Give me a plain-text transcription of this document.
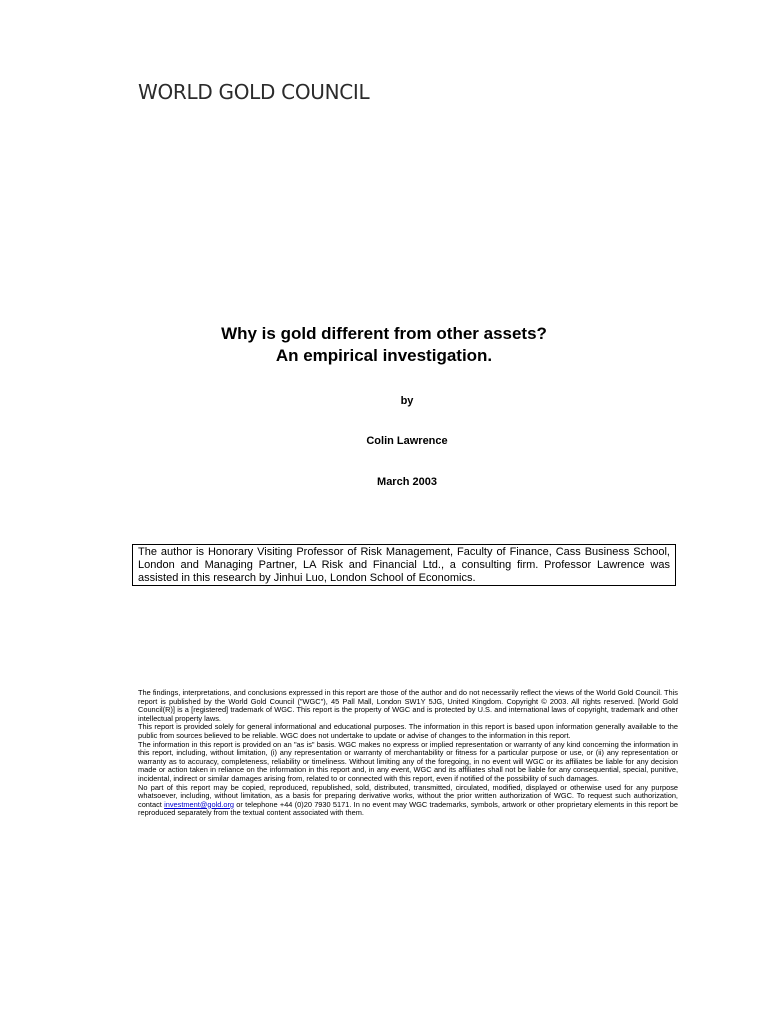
WORLD GOLD COUNCIL
Why is gold different from other assets?
An empirical investigation.
by
Colin Lawrence
March 2003
The author is Honorary Visiting Professor of Risk Management, Faculty of Finance, Cass Business School, London and Managing Partner, LA Risk and Financial Ltd., a consulting firm. Professor Lawrence was assisted in this research by Jinhui Luo, London School of Economics.

The findings, interpretations, and conclusions expressed in this report are those of the author and do not necessarily reflect the views of the World Gold Council. This report is published by the World Gold Council ("WGC"), 45 Pall Mall, London SW1Y 5JG, United Kingdom. Copyright © 2003. All rights reserved. [World Gold Council(R)] is a [registered] trademark of WGC. This report is the property of WGC and is protected by U.S. and international laws of copyright, trademark and other intellectual property laws.

This report is provided solely for general informational and educational purposes. The information in this report is based upon information generally available to the public from sources believed to be reliable. WGC does not undertake to update or advise of changes to the information in this report.

The information in this report is provided on an "as is" basis. WGC makes no express or implied representation or warranty of any kind concerning the information in this report, including, without limitation, (i) any representation or warranty of merchantability or fitness for a particular purpose or use, or (ii) any representation or warranty as to accuracy, completeness, reliability or timeliness. Without limiting any of the foregoing, in no event will WGC or its affiliates be liable for any decision made or action taken in reliance on the information in this report and, in any event, WGC and its affiliates shall not be liable for any consequential, special, punitive, incidental, indirect or similar damages arising from, related to or connected with this report, even if notified of the possibility of such damages.

No part of this report may be copied, reproduced, republished, sold, distributed, transmitted, circulated, modified, displayed or otherwise used for any purpose whatsoever, including, without limitation, as a basis for preparing derivative works, without the prior written authorization of WGC. To request such authorization, contact investment@gold.org or telephone +44 (0)20 7930 5171. In no event may WGC trademarks, symbols, artwork or other proprietary elements in this report be reproduced separately from the textual content associated with them.
